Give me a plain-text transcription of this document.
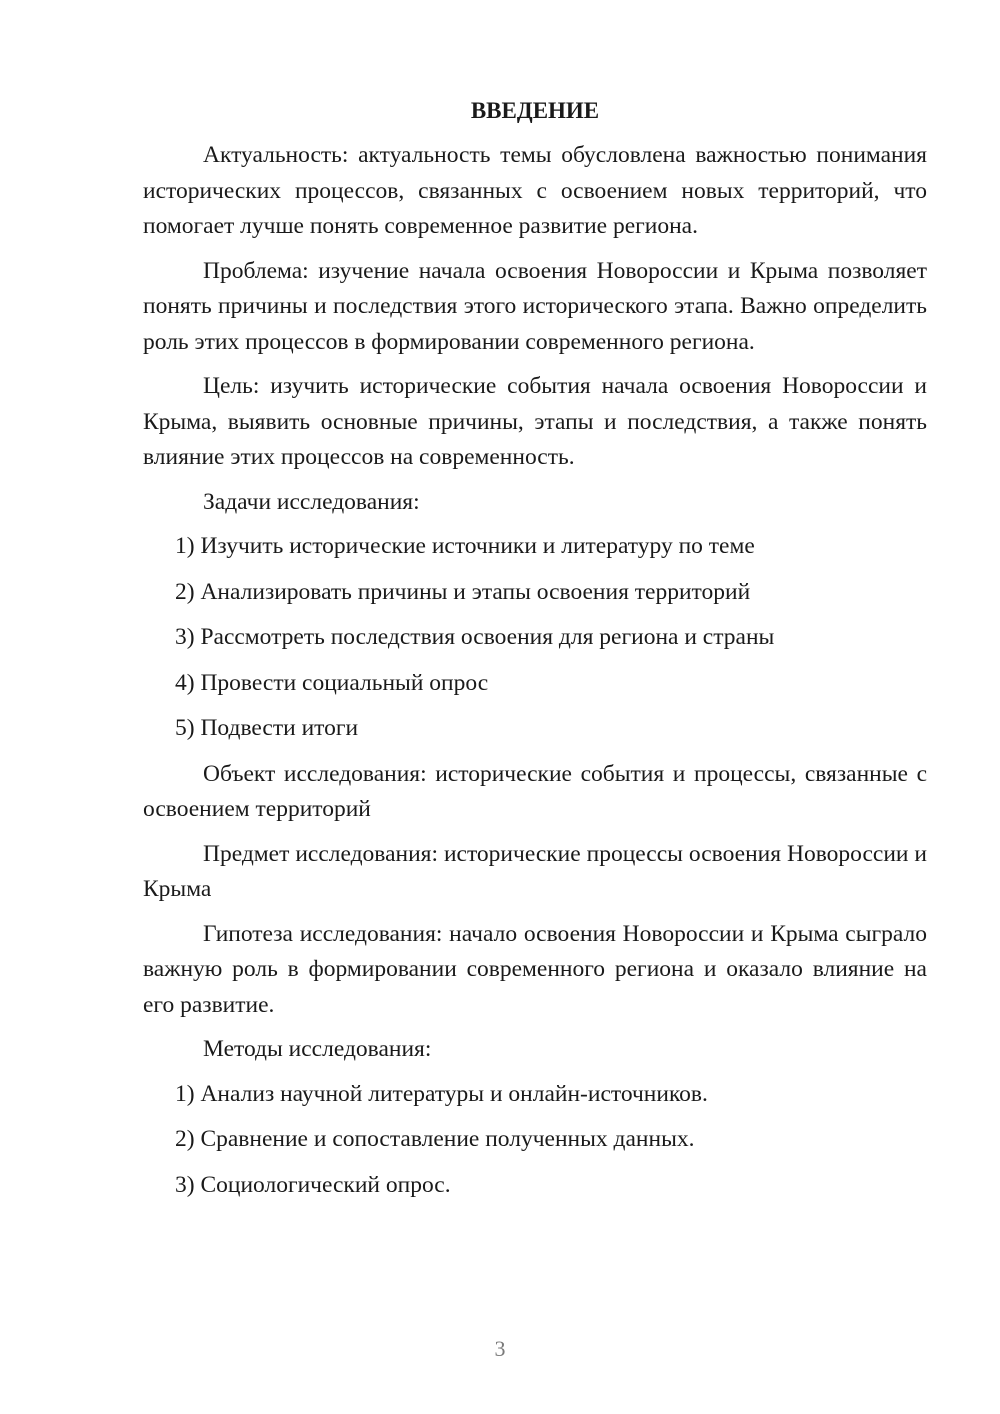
ВВЕДЕНИЕ

Актуальность: актуальность темы обусловлена важностью понимания исторических процессов, связанных с освоением новых территорий, что помогает лучше понять современное развитие региона.

Проблема: изучение начала освоения Новороссии и Крыма позволяет понять причины и последствия этого исторического этапа. Важно определить роль этих процессов в формировании современного региона.

Цель: изучить исторические события начала освоения Новороссии и Крыма, выявить основные причины, этапы и последствия, а также понять влияние этих процессов на современность.

Задачи исследования:

1) Изучить исторические источники и литературу по теме
2) Анализировать причины и этапы освоения территорий
3) Рассмотреть последствия освоения для региона и страны
4) Провести социальный опрос
5) Подвести итоги

Объект исследования: исторические события и процессы, связанные с освоением территорий

Предмет исследования: исторические процессы освоения Новороссии и Крыма

Гипотеза исследования: начало освоения Новороссии и Крыма сыграло важную роль в формировании современного региона и оказало влияние на его развитие.

Методы исследования:

1) Анализ научной литературы и онлайн-источников.
2) Сравнение и сопоставление полученных данных.
3) Социологический опрос.
3
